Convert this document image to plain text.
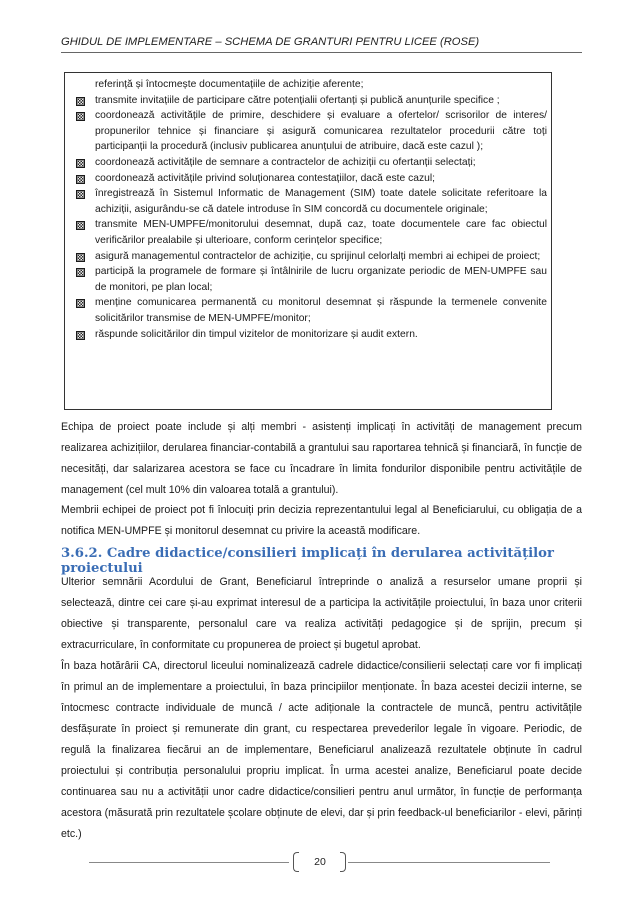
GHIDUL DE IMPLEMENTARE – SCHEMA DE GRANTURI PENTRU LICEE (ROSE)
referință și întocmește documentațiile de achiziție aferente;
transmite invitațiile de participare către potențialii ofertanți și publică anunțurile specifice ;
coordonează activitățile de primire, deschidere și evaluare a ofertelor/ scrisorilor de interes/ propunerilor tehnice și financiare și asigură comunicarea rezultatelor procedurii către toți participanții la procedură (inclusiv publicarea anunțului de atribuire, dacă este cazul );
coordonează activitățile de semnare a contractelor de achiziții cu ofertanții selectați;
coordonează activitățile privind soluționarea contestațiilor, dacă este cazul;
înregistrează în Sistemul Informatic de Management (SIM) toate datele solicitate referitoare la achiziții, asigurându-se că datele introduse în SIM concordă cu documentele originale;
transmite MEN-UMPFE/monitorului desemnat, după caz, toate documentele care fac obiectul verificărilor prealabile și ulterioare, conform cerințelor specifice;
asigură managementul contractelor de achiziție, cu sprijinul celorlalți membri ai echipei de proiect;
participă la programele de formare și întâlnirile de lucru organizate periodic de MEN-UMPFE sau de monitori, pe plan local;
menține comunicarea permanentă cu monitorul desemnat și răspunde la termenele convenite solicitărilor transmise de MEN-UMPFE/monitor;
răspunde solicitărilor din timpul vizitelor de monitorizare și audit extern.

Echipa de proiect poate include și alți membri - asistenți implicați în activități de management precum realizarea achizițiilor, derularea financiar-contabilă a grantului sau raportarea tehnică și financiară, în funcție de necesități, dar salarizarea acestora se face cu încadrare în limita fondurilor disponibile pentru activitățile de management (cel mult 10% din valoarea totală a grantului).

Membrii echipei de proiect pot fi înlocuiți prin decizia reprezentantului legal al Beneficiarului, cu obligația de a notifica MEN-UMPFE și monitorul desemnat cu privire la această modificare.

3.6.2. Cadre didactice/consilieri implicați în derularea activităților proiectului

Ulterior semnării Acordului de Grant, Beneficiarul întreprinde o analiză a resurselor umane proprii și selectează, dintre cei care și-au exprimat interesul de a participa la activitățile proiectului, în baza unor criterii obiective și transparente, personalul care va realiza activități pedagogice și de sprijin, precum și extracurriculare, în conformitate cu propunerea de proiect și bugetul aprobat.

În baza hotărârii CA, directorul liceului nominalizează cadrele didactice/consilierii selectați care vor fi implicați în primul an de implementare a proiectului, în baza principiilor menționate. În baza acestei decizii interne, se întocmesc contracte individuale de muncă / acte adiționale la contractele de muncă, pentru activitățile desfășurate în proiect și remunerate din grant, cu respectarea prevederilor legale în vigoare. Periodic, de regulă la finalizarea fiecărui an de implementare, Beneficiarul analizează rezultatele obținute în cadrul proiectului și contribuția personalului propriu implicat. În urma acestei analize, Beneficiarul poate decide continuarea sau nu a activității unor cadre didactice/consilieri pentru anul următor, în funcție de performanța acestora (măsurată prin rezultatele școlare obținute de elevi, dar și prin feedback-ul beneficiarilor - elevi, părinți etc.)

20
